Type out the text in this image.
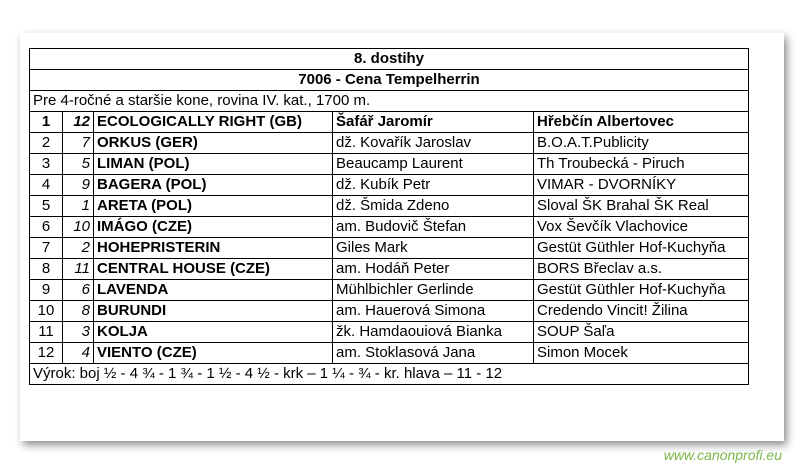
8. dostihy				
7006 - Cena Tempelherrin				
Pre 4-ročné a staršie kone, rovina IV. kat., 1700 m.				
1	12	ECOLOGICALLY RIGHT (GB)	Šafář Jaromír	Hřebčín Albertovec
2	7	ORKUS (GER)	dž. Kovařík Jaroslav	B.O.A.T.Publicity
3	5	LIMAN (POL)	Beaucamp Laurent	Th Troubecká - Piruch
4	9	BAGERA (POL)	dž. Kubík Petr	VIMAR - DVORNÍKY
5	1	ARETA (POL)	dž. Šmida Zdeno	Sloval ŠK Brahal ŠK Real
6	10	IMÁGO (CZE)	am. Budovič Štefan	Vox Ševčík Vlachovice
7	2	HOHEPRISTERIN	Giles Mark	Gestüt Güthler Hof-Kuchyňa
8	11	CENTRAL HOUSE (CZE)	am. Hodáň Peter	BORS Břeclav a.s.
9	6	LAVENDA	Mühlbichler Gerlinde	Gestüt Güthler Hof-Kuchyňa
10	8	BURUNDI	am. Hauerová Simona	Credendo Vincit! Žilina
11	3	KOLJA	žk. Hamdaouiová Bianka	SOUP Šaľa
12	4	VIENTO (CZE)	am. Stoklasová Jana	Simon Mocek
Výrok: boj ½ - 4 ¾ - 1 ¾ - 1 ½ - 4 ½ - krk – 1 ¼ - ¾ - kr. hlava – 11 - 12				
www.canonprofi.eu
